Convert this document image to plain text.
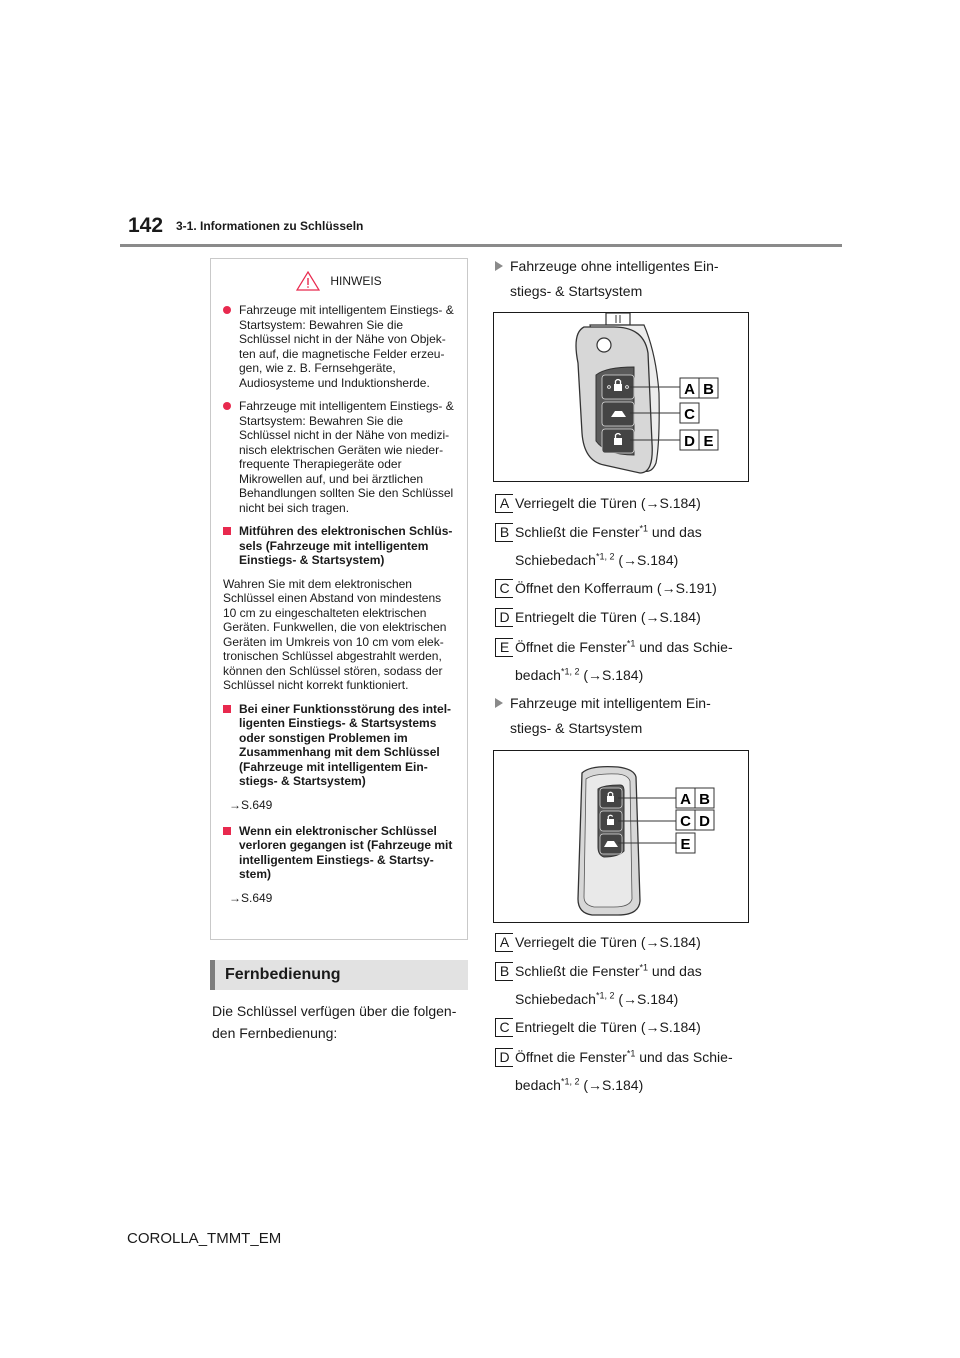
142 3-1. Informationen zu Schlüsseln
HINWEIS
Fahrzeuge mit intelligentem Einstiegs- & Startsystem: Bewahren Sie die Schlüssel nicht in der Nähe von Objek- ten auf, die magnetische Felder erzeu- gen, wie z. B. Fernsehgeräte, Audiosysteme und Induktionsherde.
Fahrzeuge mit intelligentem Einstiegs- & Startsystem: Bewahren Sie die Schlüssel nicht in der Nähe von medizi- nisch elektrischen Geräten wie nieder- frequente Therapiegeräte oder Mikrowellen auf, und bei ärztlichen Behandlungen sollten Sie den Schlüssel nicht bei sich tragen.
Mitführen des elektronischen Schlüs- sels (Fahrzeuge mit intelligentem Einstiegs- & Startsystem)

Wahren Sie mit dem elektronischen Schlüssel einen Abstand von mindestens 10 cm zu eingeschalteten elektrischen Geräten. Funkwellen, die von elektrischen Geräten im Umkreis von 10 cm vom elek- tronischen Schlüssel abgestrahlt werden, können den Schlüssel stören, sodass der Schlüssel nicht korrekt funktioniert.

Bei einer Funktionsstörung des intel- ligenten Einstiegs- & Startsystems oder sonstigen Problemen im Zusammenhang mit dem Schlüssel (Fahrzeuge mit intelligentem Ein- stiegs- & Startsystem)
→S.649
Wenn ein elektronischer Schlüssel verloren gegangen ist (Fahrzeuge mit intelligentem Einstiegs- & Startsy- stem)
→S.649
Fernbedienung
Die Schlüssel verfügen über die folgen- den Fernbedienung:
Fahrzeuge ohne intelligentes Ein-
stiegs- & Startsystem
A B
C
D E
A Verriegelt die Türen (→S.184)
B Schließt die Fenster$^{*1}$ und das
Schiebedach$^{*1, 2}$ (→S.184)
C Öffnet den Kofferraum (→S.191)
D Entriegelt die Türen (→S.184)
E Öffnet die Fenster$^{*1}$ und das Schie-
bedach$^{*1, 2}$ (→S.184)
Fahrzeuge mit intelligentem Ein-
stiegs- & Startsystem
A B
C D
E
A Verriegelt die Türen (→S.184)
B Schließt die Fenster$^{*1}$ und das
Schiebedach$^{*1, 2}$ (→S.184)
C Entriegelt die Türen (→S.184)
D Öffnet die Fenster$^{*1}$ und das Schie-
bedach$^{*1, 2}$ (→S.184)
COROLLA_TMMT_EM
